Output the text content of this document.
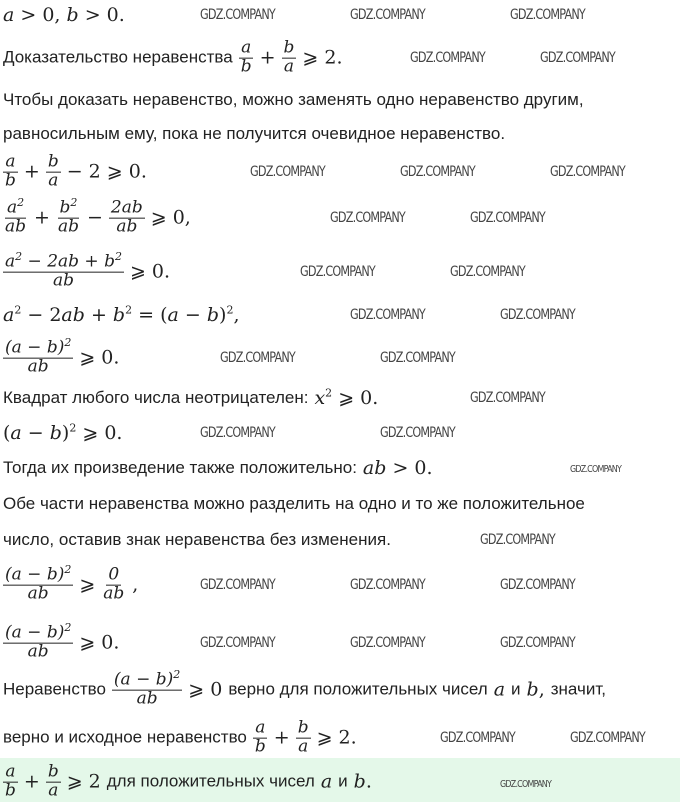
a > 0, b > 0.
Доказательство неравенства $\frac{a}{b} + \frac{b}{a}$ ⩾ 2.
Чтобы доказать неравенство, можно заменять одно неравенство другим,
равносильным ему, пока не получится очевидное неравенство.
$\frac{a}{b} + \frac{b}{a} - 2$ ⩾ 0.
$\frac{a^2}{ab} + \frac{b^2}{ab} - \frac{2ab}{ab}$ ⩾ 0,
$\frac{a^2 - 2ab + b^2}{ab}$ ⩾ 0.
$a^2 - 2ab + b^2 = (a - b)^2$,
$\frac{(a - b)^2}{ab}$ ⩾ 0.
Квадрат любого числа неотрицателен: $x^2$ ⩾ 0.
$(a - b)^2$ ⩾ 0.
Тогда их произведение также положительно: ab > 0.
Обе части неравенства можно разделить на одно и то же положительное
число, оставив знак неравенства без изменения.
$\frac{(a - b)^2}{ab}$ ⩾ $\frac{0}{ab}$ ,
$\frac{(a - b)^2}{ab}$ ⩾ 0.
Неравенство $\frac{(a - b)^2}{ab}$ ⩾ 0 верно для положительных чисел a и b, значит,
верно и исходное неравенство $\frac{a}{b} + \frac{b}{a}$ ⩾ 2.
$\frac{a}{b} + \frac{b}{a}$ ⩾ 2 для положительных чисел a и b.
GDZ.COMPANY	GDZ.COMPANY	GDZ.COMPANY
GDZ.COMPANY	GDZ.COMPANY
GDZ.COMPANY	GDZ.COMPANY	GDZ.COMPANY
GDZ.COMPANY	GDZ.COMPANY
GDZ.COMPANY	GDZ.COMPANY
GDZ.COMPANY	GDZ.COMPANY
GDZ.COMPANY	GDZ.COMPANY
GDZ.COMPANY
GDZ.COMPANY	GDZ.COMPANY
GDZ.COMPANY
GDZ.COMPANY
GDZ.COMPANY	GDZ.COMPANY	GDZ.COMPANY
GDZ.COMPANY	GDZ.COMPANY	GDZ.COMPANY
GDZ.COMPANY	GDZ.COMPANY
GDZ.COMPANY
